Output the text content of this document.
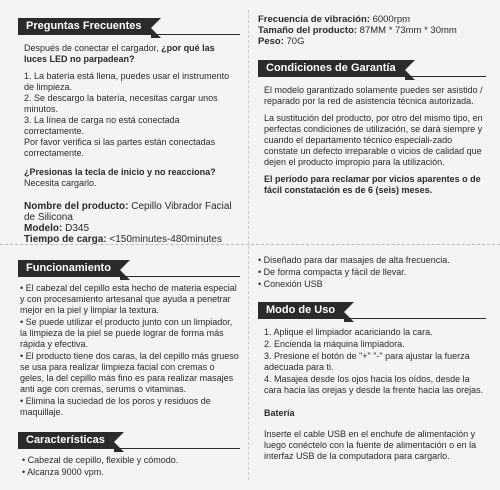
Preguntas Frecuentes

Después de conectar el cargador, ¿por qué las luces LED no parpadean?

1. La batería está llena, puedes usar el instrumento de limpieza.
2. Se descargo la batería, necesitas cargar unos minutos.
3. La línea de carga no está conectada correctamente.
Por favor verifica si las partes están conectadas correctamente.

¿Presionas la tecla de inicio y no reacciona?

Necesita cargarlo.

Nombre del producto: Cepillo Vibrador Facial de Silicona
Modelo: D345
Tiempo de carga: <150minutes-480minutes
Frecuencia de vibración: 6000rpm
Tamaño del producto: 87MM * 73mm * 30mm
Peso: 70G
Condiciones de Garantía

El modelo garantizado solamente puedes ser asistido / reparado por la red de asistencia técnica autorizada.

La sustitución del producto, por otro del mismo tipo, en perfectas condiciones de utilización, se dará siempre y cuando el departamento técnico especiali-zado constate un defecto irreparable o vicios de calidad que dejen el producto impropio para la utilización.

El período para reclamar por vicios aparentes o de fácil constatación es de 6 (seis) meses.

Funcionamiento
• El cabezal del cepillo esta hecho de materia especial y con procesamiento artesanal que ayuda a penetrar mejor en la piel y limpiar la textura.
• Se puede utilizar el producto junto con un limpiador, la limpieza de la piel se puede lograr de forma más rápida y efectiva.
• El producto tiene dos caras, la del cepillo más grueso se usa para realizar limpieza facial con cremas o geles, la del cepillo más fino es para realizar masajes anti age con cremas, serums o vitaminas.
• Elimina la suciedad de los poros y residuos de maquillaje.
Características
• Cabezal de cepillo, flexible y cómodo.
• Alcanza 9000 vpm.
• Diseñado para dar masajes de alta frecuencia.
• De forma compacta y fácil de llevar.
• Conexión USB
Modo de Uso
1. Aplique el limpiador acariciando la cara.
2. Encienda la máquina limpiadora.
3. Presione el botón de "+" "-" para ajustar la fuerza adecuada para ti.
4. Masajea desde los ojos hacia los oídos, desde la cara hacia las orejas y desde la frente hacia las orejas.
Batería
Inserte el cable USB en el enchufe de alimentación y luego conéctelo con la fuente de alimentación o en la interfaz USB de la computadora para cargarlo.
